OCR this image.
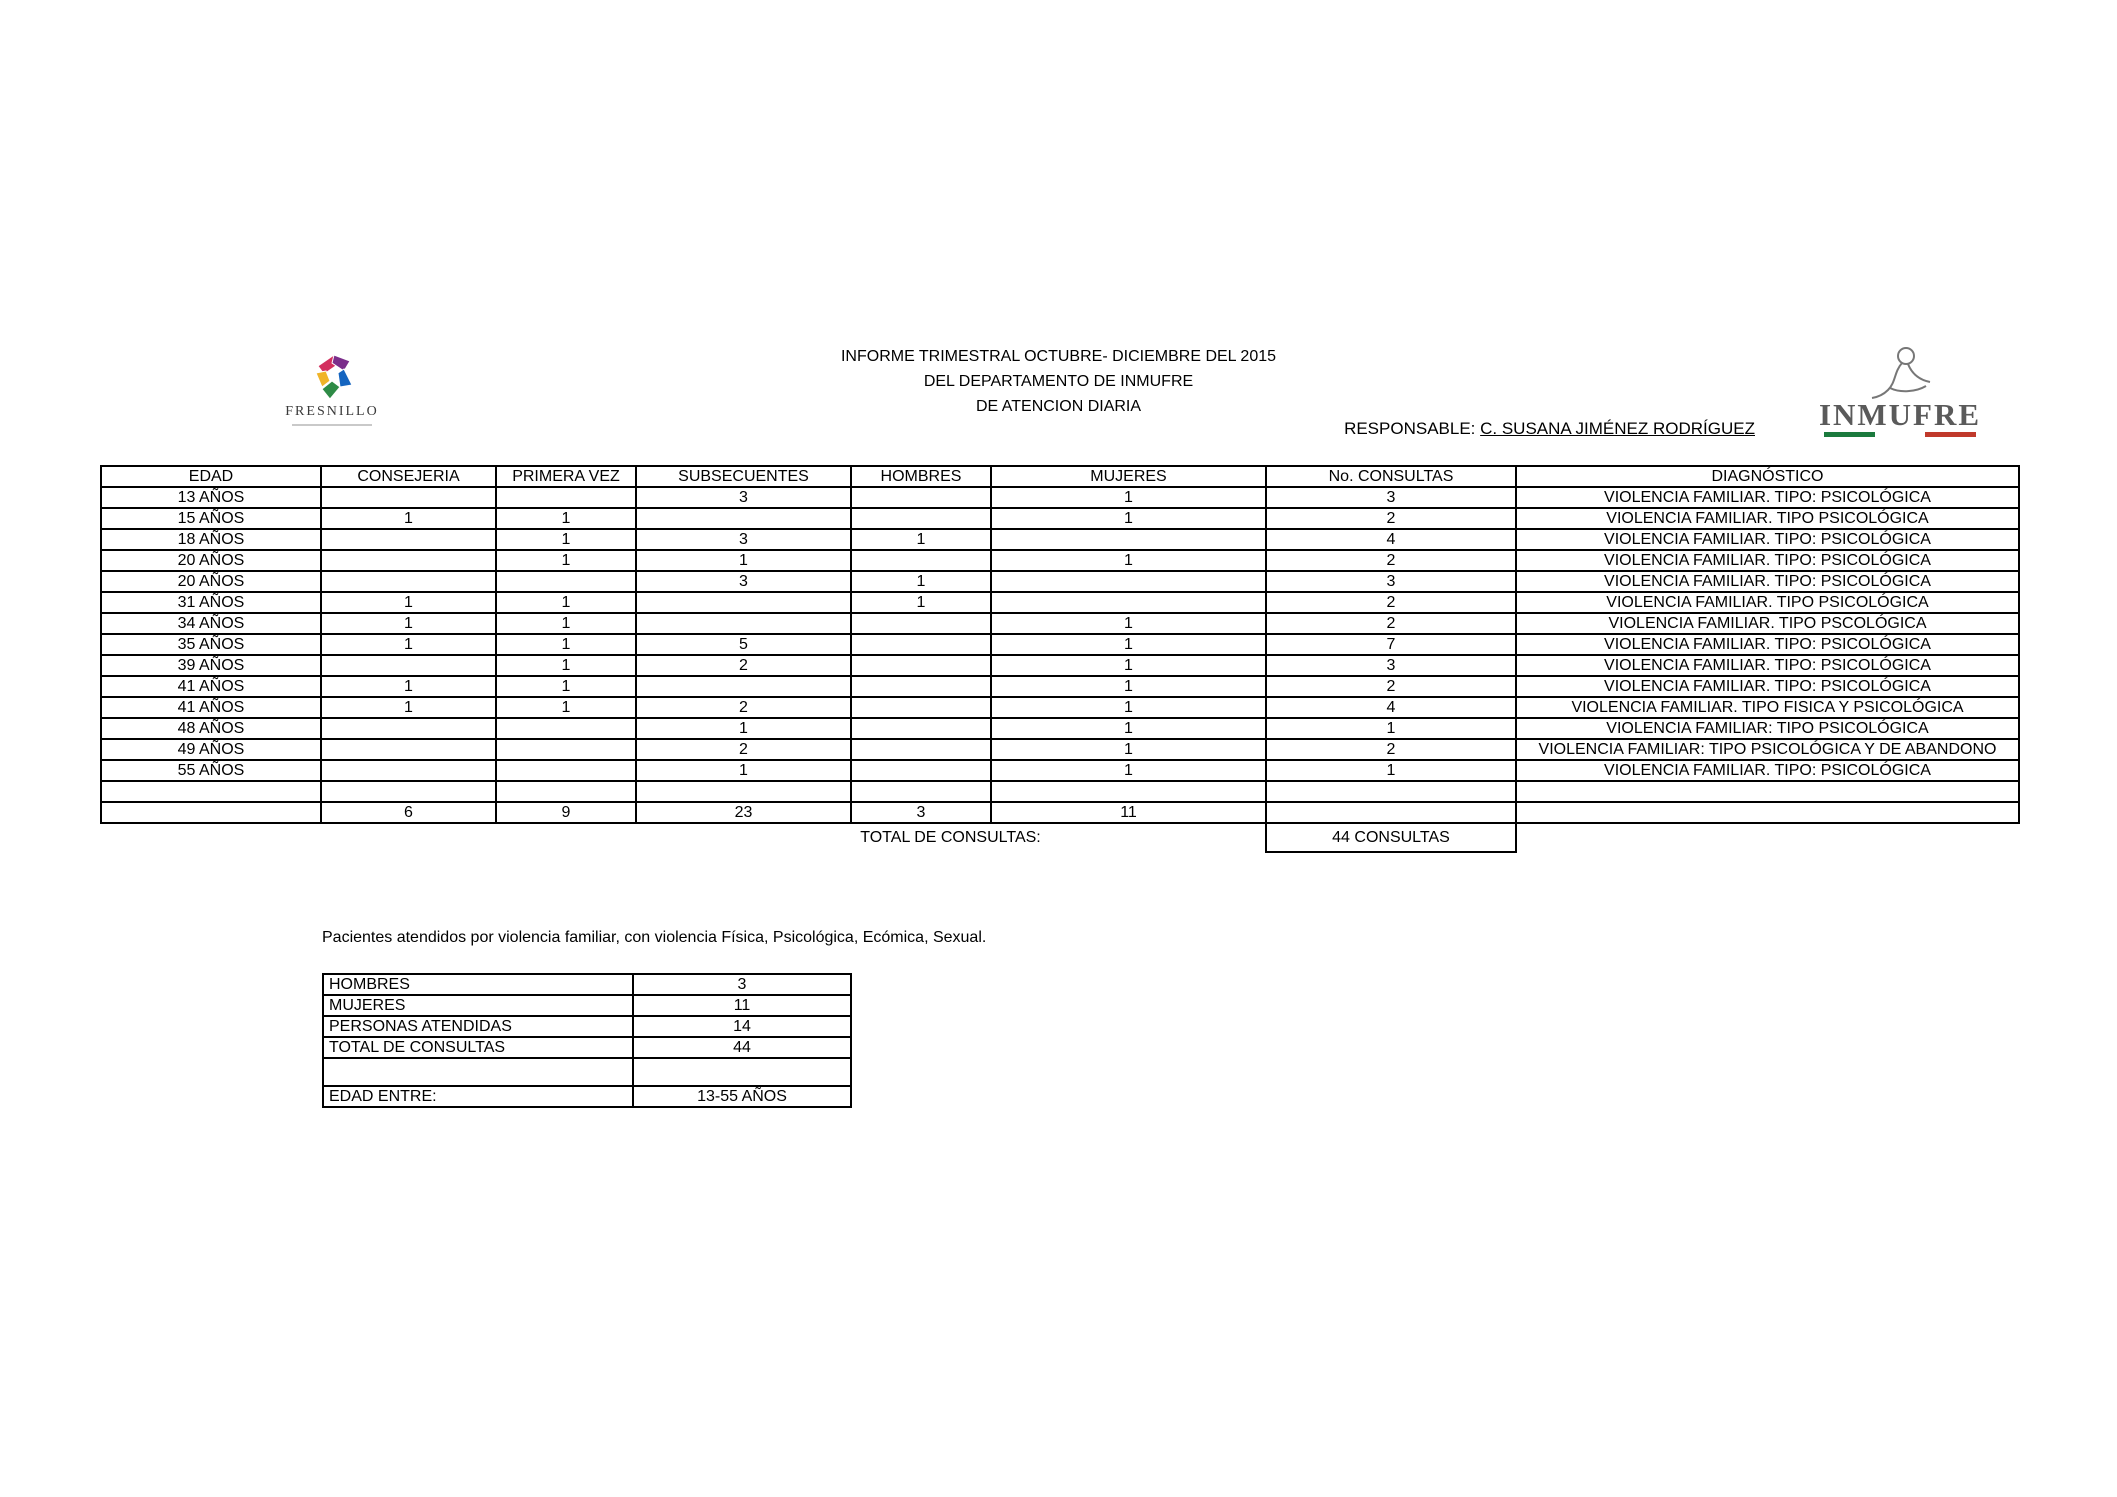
FRESNILLO
INFORME TRIMESTRAL OCTUBRE- DICIEMBRE DEL 2015
DEL DEPARTAMENTO DE INMUFRE
DE ATENCION DIARIA
RESPONSABLE: C. SUSANA JIMÉNEZ RODRÍGUEZ	INMUFRE
EDAD	CONSEJERIA	PRIMERA VEZ	SUBSECUENTES	HOMBRES	MUJERES	No. CONSULTAS	DIAGNÓSTICO
13 AÑOS			3		1	3	VIOLENCIA FAMILIAR. TIPO: PSICOLÓGICA
15 AÑOS	1	1			1	2	VIOLENCIA FAMILIAR. TIPO PSICOLÓGICA
18 AÑOS		1	3	1		4	VIOLENCIA FAMILIAR. TIPO: PSICOLÓGICA
20 AÑOS		1	1		1	2	VIOLENCIA FAMILIAR. TIPO: PSICOLÓGICA
20 AÑOS			3	1		3	VIOLENCIA FAMILIAR. TIPO: PSICOLÓGICA
31 AÑOS	1	1		1		2	VIOLENCIA FAMILIAR. TIPO PSICOLÓGICA
34 AÑOS	1	1			1	2	VIOLENCIA FAMILIAR. TIPO PSCOLÓGICA
35 AÑOS	1	1	5		1	7	VIOLENCIA FAMILIAR. TIPO: PSICOLÓGICA
39 AÑOS		1	2		1	3	VIOLENCIA FAMILIAR. TIPO: PSICOLÓGICA
41 AÑOS	1	1			1	2	VIOLENCIA FAMILIAR. TIPO: PSICOLÓGICA
41 AÑOS	1	1	2		1	4	VIOLENCIA FAMILIAR. TIPO FISICA Y PSICOLÓGICA
48 AÑOS			1		1	1	VIOLENCIA FAMILIAR: TIPO PSICOLÓGICA
49 AÑOS			2		1	2	VIOLENCIA FAMILIAR: TIPO PSICOLÓGICA Y DE ABANDONO
55 AÑOS			1		1	1	VIOLENCIA FAMILIAR. TIPO: PSICOLÓGICA

	6	9	23	3	11		
			TOTAL DE CONSULTAS:			44 CONSULTAS	
Pacientes atendidos por violencia familiar, con violencia Física, Psicológica, Ecómica, Sexual.
HOMBRES	3
MUJERES	11
PERSONAS ATENDIDAS	14
TOTAL DE CONSULTAS	44

EDAD ENTRE:	13-55 AÑOS
